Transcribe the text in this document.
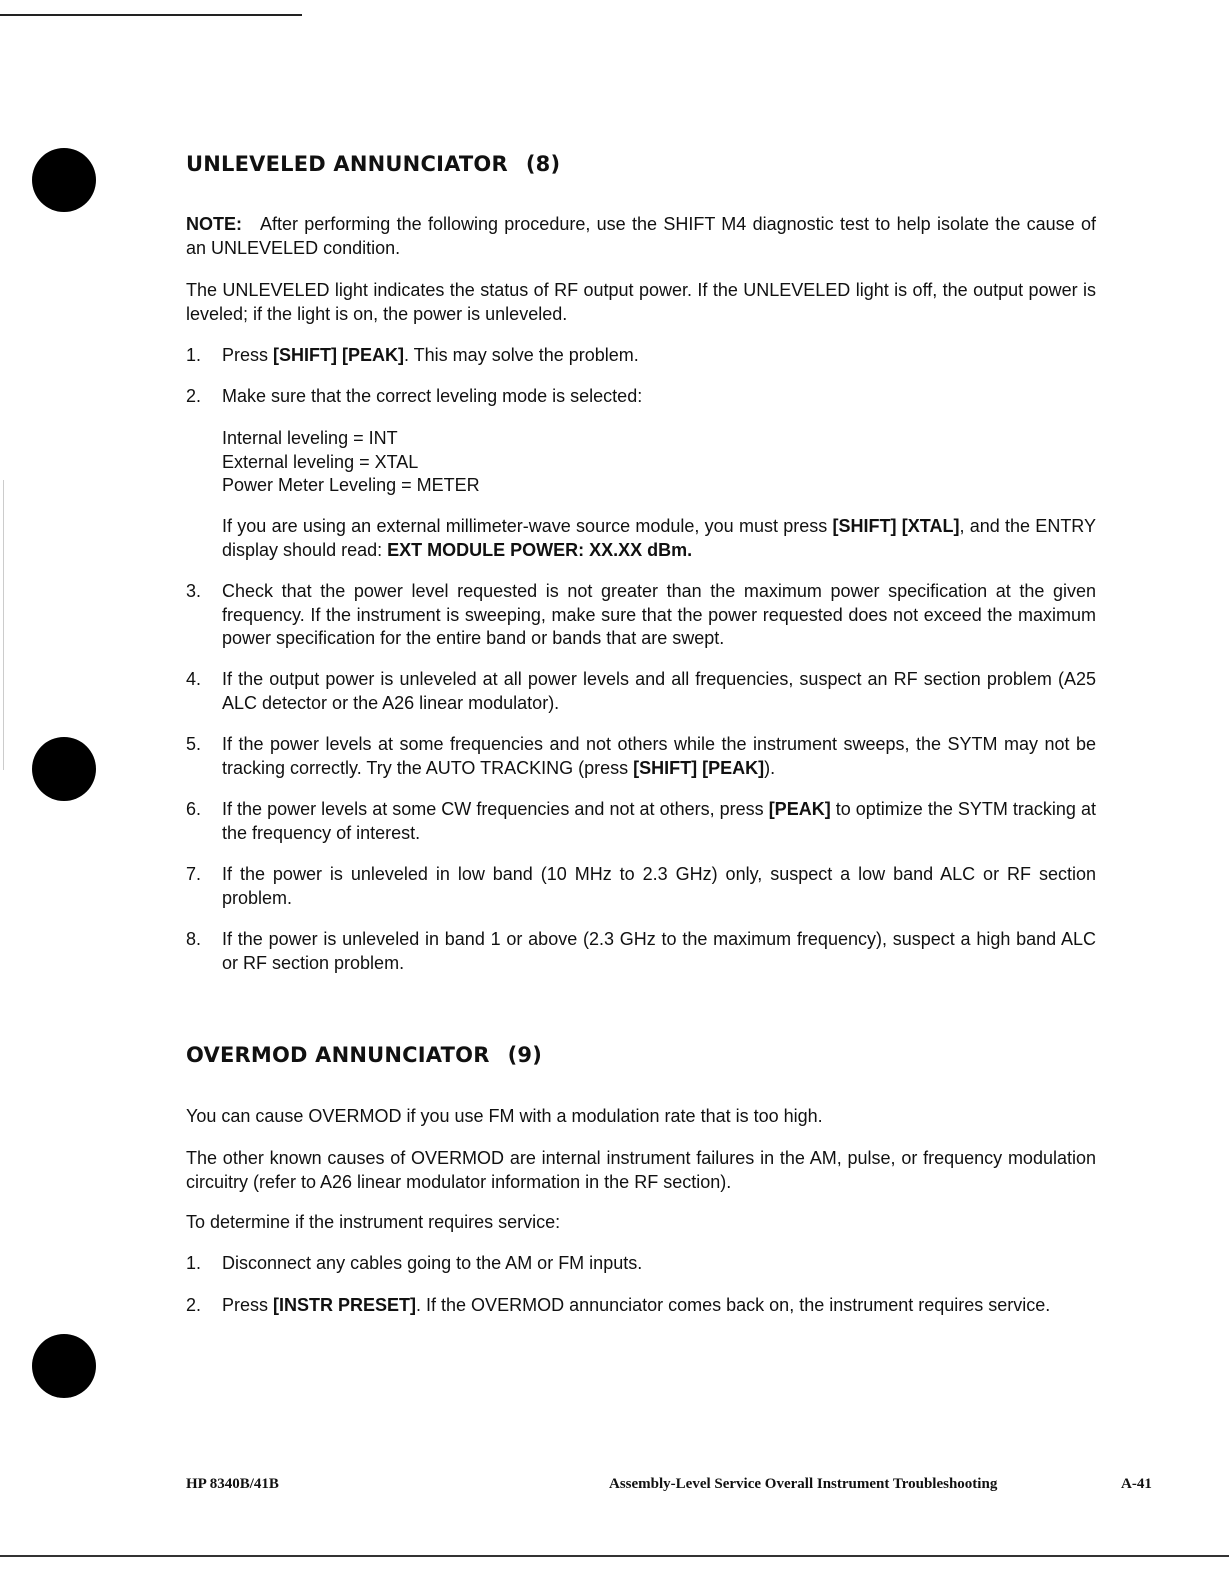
UNLEVELED ANNUNCIATOR (8)

NOTE: After performing the following procedure, use the SHIFT M4 diagnostic test to help isolate the cause of an UNLEVELED condition.

The UNLEVELED light indicates the status of RF output power. If the UNLEVELED light is off, the output power is leveled; if the light is on, the power is unleveled.

1. Press [SHIFT] [PEAK]. This may solve the problem.
2. Make sure that the correct leveling mode is selected:
Internal leveling = INT
External leveling = XTAL
Power Meter Leveling = METER
If you are using an external millimeter-wave source module, you must press [SHIFT] [XTAL], and the ENTRY display should read: EXT MODULE POWER: XX.XX dBm.
3. Check that the power level requested is not greater than the maximum power specification at the given frequency. If the instrument is sweeping, make sure that the power requested does not exceed the maximum power specification for the entire band or bands that are swept.
4. If the output power is unleveled at all power levels and all frequencies, suspect an RF section problem (A25 ALC detector or the A26 linear modulator).
5. If the power levels at some frequencies and not others while the instrument sweeps, the SYTM may not be tracking correctly. Try the AUTO TRACKING (press [SHIFT] [PEAK]).
6. If the power levels at some CW frequencies and not at others, press [PEAK] to optimize the SYTM tracking at the frequency of interest.
7. If the power is unleveled in low band (10 MHz to 2.3 GHz) only, suspect a low band ALC or RF section problem.
8. If the power is unleveled in band 1 or above (2.3 GHz to the maximum frequency), suspect a high band ALC or RF section problem.
OVERMOD ANNUNCIATOR (9)

You can cause OVERMOD if you use FM with a modulation rate that is too high.

The other known causes of OVERMOD are internal instrument failures in the AM, pulse, or frequency modulation circuitry (refer to A26 linear modulator information in the RF section).

To determine if the instrument requires service:

1. Disconnect any cables going to the AM or FM inputs.
2. Press [INSTR PRESET]. If the OVERMOD annunciator comes back on, the instrument requires service.
HP 8340B/41B	Assembly-Level Service Overall Instrument Troubleshooting	A-41
